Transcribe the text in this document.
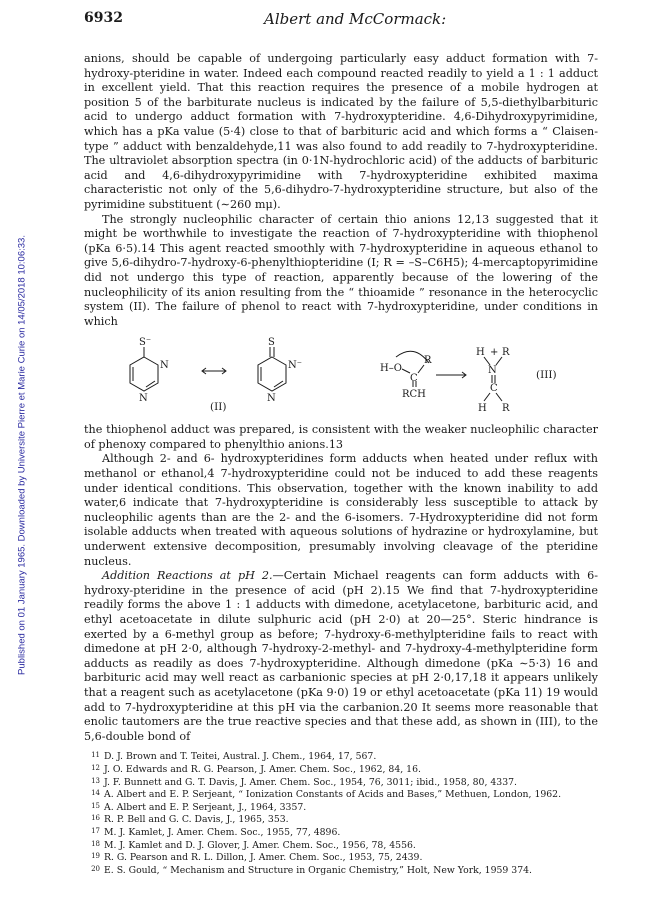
Published on 01 January 1965. Downloaded by Universite Pierre et Marie Curie on 14/05/2018 10:06:33.
6932	Albert and McCormack:

anions, should be capable of undergoing particularly easy adduct formation with 7-hydroxy-pteridine in water. Indeed each compound reacted readily to yield a 1 : 1 adduct in excellent yield. That this reaction requires the presence of a mobile hydrogen at position 5 of the barbiturate nucleus is indicated by the failure of 5,5-diethylbarbituric acid to undergo adduct formation with 7-hydroxypteridine. 4,6-Dihydroxypyrimidine, which has a pKa value (5·4) close to that of barbituric acid and which forms a “ Claisen-type ” adduct with benzaldehyde,11 was also found to add readily to 7-hydroxypteridine. The ultraviolet absorption spectra (in 0·1N-hydrochloric acid) of the adducts of barbituric acid and 4,6-dihydroxypyrimidine with 7-hydroxypteridine exhibited maxima characteristic not only of the 5,6-dihydro-7-hydroxypteridine structure, but also of the pyrimidine substituent (∼260 mμ).

The strongly nucleophilic character of certain thio anions 12,13 suggested that it might be worthwhile to investigate the reaction of 7-hydroxypteridine with thiophenol (pKa 6·5).14 This agent reacted smoothly with 7-hydroxypteridine in aqueous ethanol to give 5,6-dihydro-7-hydroxy-6-phenylthiopteridine (I; R = –S–C6H5); 4-mercaptopyrimidine did not undergo this type of reaction, apparently because of the lowering of the nucleophilicity of its anion resulting from the “ thioamide ” resonance in the heterocyclic system (II). The failure of phenol to react with 7-hydroxypteridine, under conditions in which

S⁻
N
N
S
N⁻
N
H–O
R
C
RCH
H + R
N
C
H R
(II)
(III)

the thiophenol adduct was prepared, is consistent with the weaker nucleophilic character of phenoxy compared to phenylthio anions.13

Although 2- and 6- hydroxypteridines form adducts when heated under reflux with methanol or ethanol,4 7-hydroxypteridine could not be induced to add these reagents under identical conditions. This observation, together with the known inability to add water,6 indicate that 7-hydroxypteridine is considerably less susceptible to attack by nucleophilic agents than are the 2- and the 6-isomers. 7-Hydroxypteridine did not form isolable adducts when treated with aqueous solutions of hydrazine or hydroxylamine, but underwent extensive decomposition, presumably involving cleavage of the pteridine nucleus.

Addition Reactions at pH 2.—Certain Michael reagents can form adducts with 6-hydroxy-pteridine in the presence of acid (pH 2).15 We find that 7-hydroxypteridine readily forms the above 1 : 1 adducts with dimedone, acetylacetone, barbituric acid, and ethyl acetoacetate in dilute sulphuric acid (pH 2·0) at 20—25°. Steric hindrance is exerted by a 6-methyl group as before; 7-hydroxy-6-methylpteridine fails to react with dimedone at pH 2·0, although 7-hydroxy-2-methyl- and 7-hydroxy-4-methylpteridine form adducts as readily as does 7-hydroxypteridine. Although dimedone (pKa ∼5·3) 16 and barbituric acid may well react as carbanionic species at pH 2·0,17,18 it appears unlikely that a reagent such as acetylacetone (pKa 9·0) 19 or ethyl acetoacetate (pKa 11) 19 would add to 7-hydroxypteridine at this pH via the carbanion.20 It seems more reasonable that enolic tautomers are the true reactive species and that these add, as shown in (III), to the 5,6-double bond of

11 D. J. Brown and T. Teitei, Austral. J. Chem., 1964, 17, 567.

12 J. O. Edwards and R. G. Pearson, J. Amer. Chem. Soc., 1962, 84, 16.

13 J. F. Bunnett and G. T. Davis, J. Amer. Chem. Soc., 1954, 76, 3011; ibid., 1958, 80, 4337.

14 A. Albert and E. P. Serjeant, “ Ionization Constants of Acids and Bases,” Methuen, London, 1962.

15 A. Albert and E. P. Serjeant, J., 1964, 3357.

16 R. P. Bell and G. C. Davis, J., 1965, 353.

17 M. J. Kamlet, J. Amer. Chem. Soc., 1955, 77, 4896.

18 M. J. Kamlet and D. J. Glover, J. Amer. Chem. Soc., 1956, 78, 4556.

19 R. G. Pearson and R. L. Dillon, J. Amer. Chem. Soc., 1953, 75, 2439.

20 E. S. Gould, “ Mechanism and Structure in Organic Chemistry,” Holt, New York, 1959 374.
